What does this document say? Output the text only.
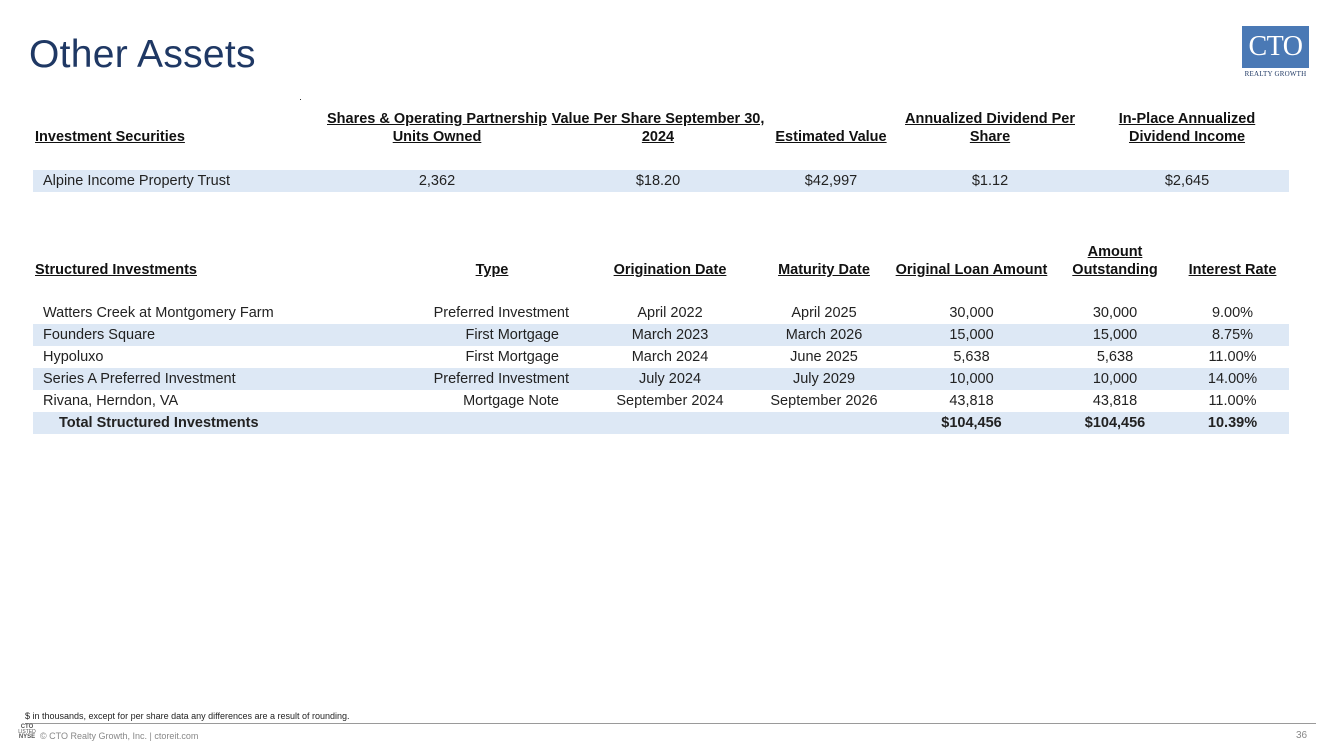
Other Assets	CTO
REALTY GROWTH
Investment Securities	Shares & Operating Partnership Units Owned	Value Per Share September 30, 2024	Estimated Value	Annualized Dividend Per Share	In-Place Annualized Dividend Income

Alpine Income Property Trust	2,362	$18.20	$42,997	$1.12	$2,645
Structured Investments	Type	Origination Date	Maturity Date	Original Loan Amount	Amount Outstanding	Interest Rate

Watters Creek at Montgomery Farm	Preferred Investment	April 2022	April 2025	30,000	30,000	9.00%
Founders Square	First Mortgage	March 2023	March 2026	15,000	15,000	8.75%
Hypoluxo	First Mortgage	March 2024	June 2025	5,638	5,638	11.00%
Series A Preferred Investment	Preferred Investment	July 2024	July 2029	10,000	10,000	14.00%
Rivana, Herndon, VA	Mortgage Note	September 2024	September 2026	43,818	43,818	11.00%
Total Structured Investments				$104,456	$104,456	10.39%
$ in thousands, except for per share data any differences are a result of rounding.
CTO
LISTED

NYSE © CTO Realty Growth, Inc. | ctoreit.com	36
